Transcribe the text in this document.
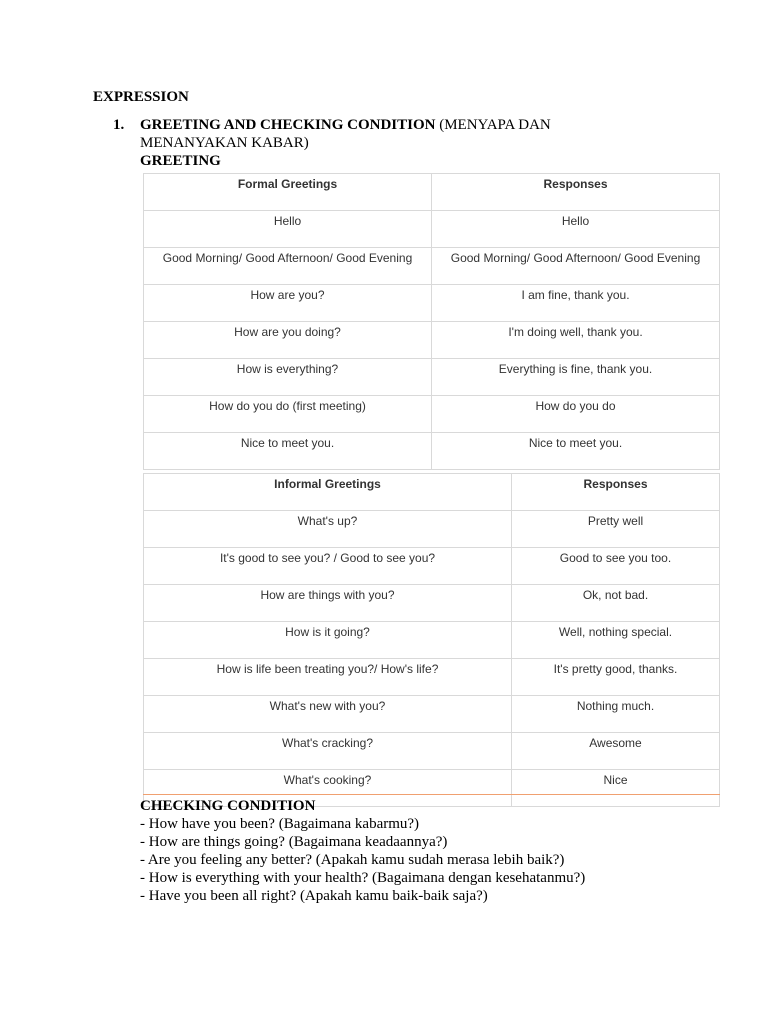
EXPRESSION
1. GREETING AND CHECKING CONDITION (MENYAPA DAN MENANYAKAN KABAR)
GREETING
Formal Greetings	Responses
Hello	Hello
Good Morning/ Good Afternoon/ Good Evening	Good Morning/ Good Afternoon/ Good Evening
How are you?	I am fine, thank you.
How are you doing?	I'm doing well, thank you.
How is everything?	Everything is fine, thank you.
How do you do (first meeting)	How do you do
Nice to meet you.	Nice to meet you.
Informal Greetings	Responses
What's up?	Pretty well
It's good to see you? / Good to see you?	Good to see you too.
How are things with you?	Ok, not bad.
How is it going?	Well, nothing special.
How is life been treating you?/ How's life?	It's pretty good, thanks.
What's new with you?	Nothing much.
What's cracking?	Awesome
What's cooking?	Nice
CHECKING CONDITION
- How have you been? (Bagaimana kabarmu?)
- How are things going? (Bagaimana keadaannya?)
- Are you feeling any better? (Apakah kamu sudah merasa lebih baik?)
- How is everything with your health? (Bagaimana dengan kesehatanmu?)
- Have you been all right? (Apakah kamu baik-baik saja?)
